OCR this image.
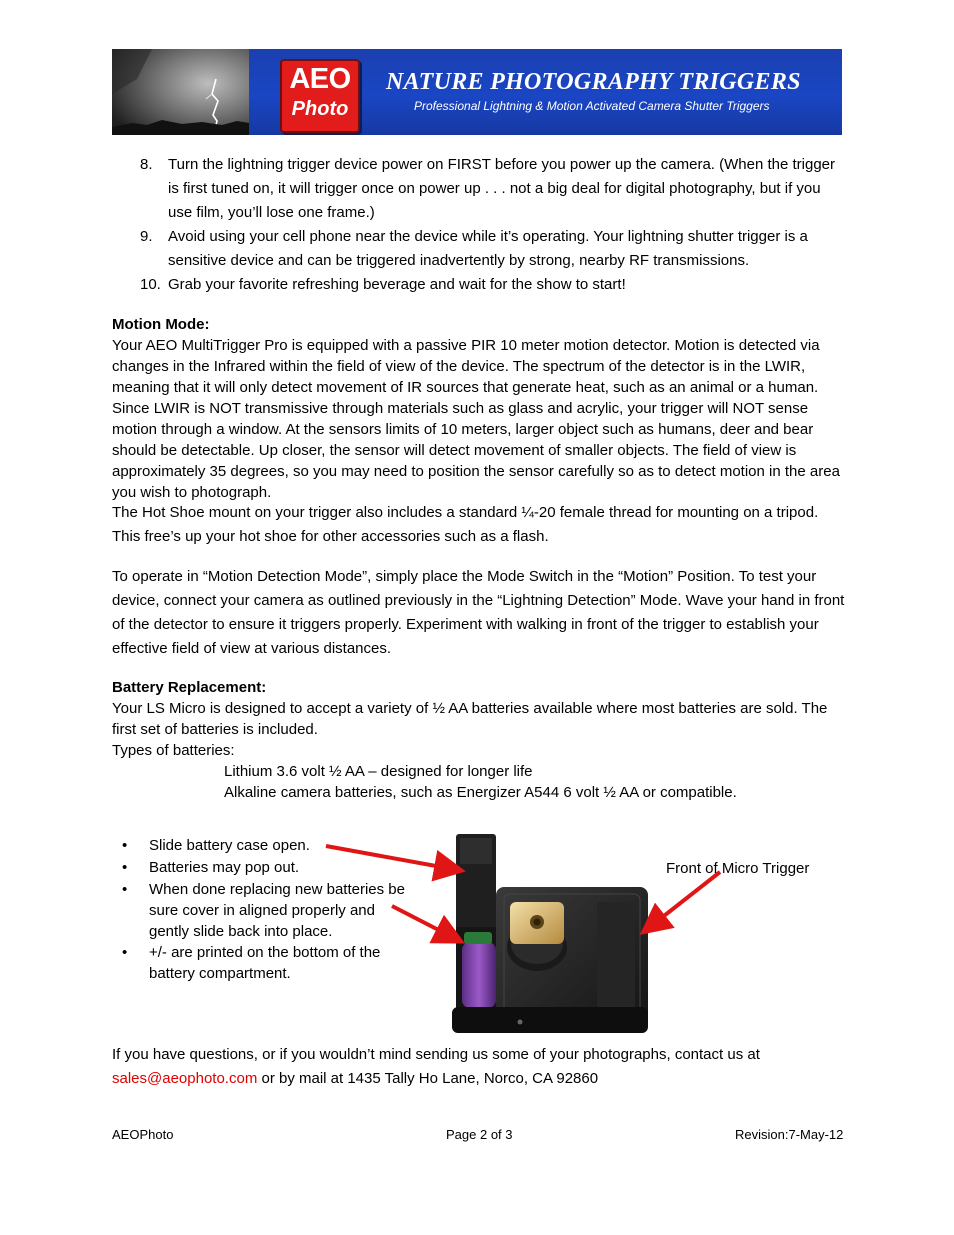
AEO
Photo
NATURE PHOTOGRAPHY TRIGGERS
Professional Lightning & Motion Activated Camera Shutter Triggers
8. Turn the lightning trigger device power on FIRST before you power up the camera. (When the trigger is first tuned on, it will trigger once on power up . . . not a big deal for digital photography, but if you use film, you’ll lose one frame.)
9. Avoid using your cell phone near the device while it’s operating. Your lightning shutter trigger is a sensitive device and can be triggered inadvertently by strong, nearby RF transmissions.
10. Grab your favorite refreshing beverage and wait for the show to start!
Motion Mode:
Your AEO MultiTrigger Pro is equipped with a passive PIR 10 meter motion detector. Motion is detected via changes in the Infrared within the field of view of the device. The spectrum of the detector is in the LWIR, meaning that it will only detect movement of IR sources that generate heat, such as an animal or a human. Since LWIR is NOT transmissive through materials such as glass and acrylic, your trigger will NOT sense motion through a window. At the sensors limits of 10 meters, larger object such as humans, deer and bear should be detectable. Up closer, the sensor will detect movement of smaller objects. The field of view is approximately 35 degrees, so you may need to position the sensor carefully so as to detect motion in the area you wish to photograph.
The Hot Shoe mount on your trigger also includes a standard ¼-20 female thread for mounting on a tripod. This free’s up your hot shoe for other accessories such as a flash.
To operate in “Motion Detection Mode”, simply place the Mode Switch in the “Motion” Position. To test your device, connect your camera as outlined previously in the “Lightning Detection” Mode. Wave your hand in front of the detector to ensure it triggers properly. Experiment with walking in front of the trigger to establish your effective field of view at various distances.
Battery Replacement:
Your LS Micro is designed to accept a variety of ½ AA batteries available where most batteries are sold. The first set of batteries is included.
Types of batteries:
Lithium 3.6 volt ½ AA – designed for longer life
Alkaline camera batteries, such as Energizer A544 6 volt ½ AA or compatible.
• Slide battery case open.
• Batteries may pop out.
• When done replacing new batteries be sure cover in aligned properly and gently slide back into place.
• +/- are printed on the bottom of the battery compartment.
Front of Micro Trigger
If you have questions, or if you wouldn’t mind sending us some of your photographs, contact us at
sales@aeophoto.com or by mail at 1435 Tally Ho Lane, Norco, CA 92860
AEOPhoto	Page 2 of 3	Revision:7-May-12
